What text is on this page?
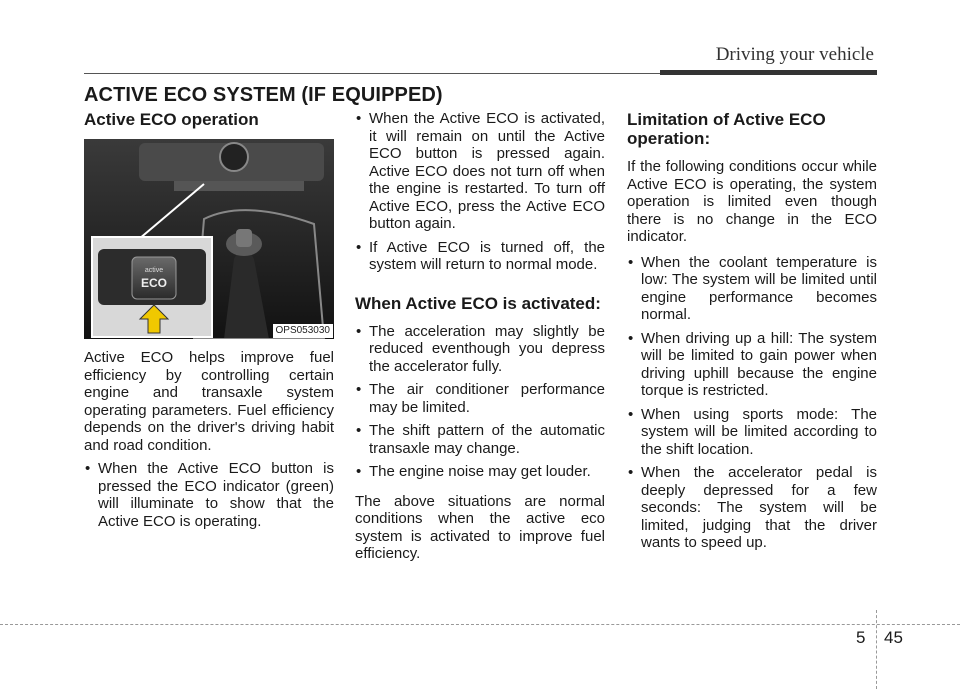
Driving your vehicle
ACTIVE ECO SYSTEM (IF EQUIPPED)
Active ECO operation
active
ECO
OPS053030

Active ECO helps improve fuel efficiency by controlling certain engine and transaxle system operating parameters. Fuel efficiency depends on the driver's driving habit and road condition.

• When the Active ECO button is pressed the ECO indicator (green) will illuminate to show that the Active ECO is operating.
• When the Active ECO is activated, it will remain on until the Active ECO button is pressed again. Active ECO does not turn off when the engine is restarted. To turn off Active ECO, press the Active ECO button again.
• If Active ECO is turned off, the system will return to normal mode.
When Active ECO is activated:
• The acceleration may slightly be reduced eventhough you depress the accelerator fully.
• The air conditioner performance may be limited.
• The shift pattern of the automatic transaxle may change.
• The engine noise may get louder.

The above situations are normal conditions when the active eco system is activated to improve fuel efficiency.

Limitation of Active ECO operation:

If the following conditions occur while Active ECO is operating, the system operation is limited even though there is no change in the ECO indicator.

• When the coolant temperature is low: The system will be limited until engine performance becomes normal.
• When driving up a hill: The system will be limited to gain power when driving uphill because the engine torque is restricted.
• When using sports mode: The system will be limited according to the shift location.
• When the accelerator pedal is deeply depressed for a few seconds: The system will be limited, judging that the driver wants to speed up.
5 45
